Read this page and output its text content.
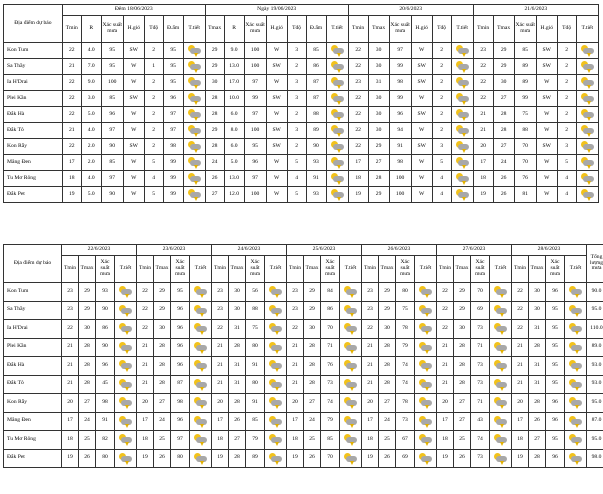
Địa điểm dự báo	Đêm 18/06/2023							Ngày 19/06/2023							20/6/2023						21/6/2023					
	Tmin	R	Xác suất mưa	H.gió	Tđộ	Đ.ẩm	T.tiết	Tmax	R	Xác suất mưa	H.gió	Tđộ	Đ.ẩm	T.tiết	Tmin	Tmax	Xác suất mưa	H.gió	Tđộ	T.tiết	Tmin	Tmax	Xác suất mưa	H.gió	Tđộ	T.tiết
Kon Tum	22	4.0	95	SW	2	95		29	9.0	100	W	3	85		22	30	97	W	2		23	29	85	SW	2	

Sa Thầy	21	7.0	95	W	1	95		29	13.0	100	SW	2	86		22	30	99	SW	2		22	29	89	SW	2	

Ia H'Drai	22	9.0	100	W	2	95		30	17.0	97	W	3	87		23	31	98	SW	2		22	30	89	W	2	

Plei Kần	22	3.0	85	SW	2	96		28	10.0	99	SW	3	87		22	30	99	W	2		22	27	99	SW	2	

Đắk Hà	22	5.0	96	W	2	97		28	6.0	97	W	2	88		22	30	96	SW	2		21	28	75	W	2	

Đắk Tô	21	4.0	97	W	2	97		29	8.0	100	SW	3	89		22	30	94	W	2		21	28	88	W	2	

Kon Rẫy	22	2.0	90	SW	2	98		28	6.0	95	SW	2	90		22	29	91	SW	3		20	27	70	SW	3	

Măng Đen	17	2.0	85	W	5	99		24	5.0	96	W	5	93		17	27	98	W	5		17	24	70	W	5	

Tu Mơ Rông	18	4.0	97	W	4	99		26	13.0	97	W	4	91		18	28	100	W	4		18	26	76	W	4	

Đắk Pet	19	5.0	90	W	5	99		27	12.0	100	W	5	93		19	29	100	W	4		19	26	81	W	4	
Địa điểm dự báo	22/6/2023				23/6/2023				24/6/2023				25/6/2023				26/6/2023				27/6/2023				28/6/2023				Tổng lượng mưa
	Tmin	Tmax	Xác suất mưa	T.tiết	Tmin	Tmax	Xác suất mưa	T.tiết	Tmin	Tmax	Xác suất mưa	T.tiết	Tmin	Tmax	Xác suất mưa	T.tiết	Tmin	Tmax	Xác suất mưa	T.tiết	Tmin	Tmax	Xác suất mưa	T.tiết	Tmin	Tmax	Xác suất mưa	T.tiết	
Kon Tum	23	29	93		22	29	95		23	30	56		23	29	84		23	29	80		22	29	70		22	30	96		90.0
Sa Thầy	23	29	90		22	29	96		23	30	88		23	29	86		23	29	75		22	29	69		22	30	95		95.0
Ia H'Drai	22	30	86		22	30	96		22	31	75		22	30	70		22	30	78		22	30	73		22	31	95		110.0
Plei Kần	21	28	90		21	28	96		21	28	80		21	28	71		21	28	79		21	28	71		21	28	95		89.0
Đắk Hà	21	28	96		21	28	96		21	31	91		21	28	76		21	28	74		21	28	73		21	31	95		93.0
Đắk Tô	21	28	45		21	28	87		21	31	80		21	28	73		21	28	74		21	28	73		21	31	95		93.0
Kon Rẫy	20	27	98		20	27	98		20	28	91		20	27	74		20	27	78		20	27	71		20	28	96		95.0
Măng Đen	17	24	91		17	24	96		17	26	85		17	24	79		17	24	73		17	27	43		17	26	96		87.0
Tu Mơ Rông	18	25	82		18	25	97		18	27	79		18	25	85		18	25	67		18	25	74		18	27	95		95.0
Đắk Pet	19	26	80		19	26	80		19	28	89		19	26	70		19	26	69		19	26	73		19	28	96		98.0
